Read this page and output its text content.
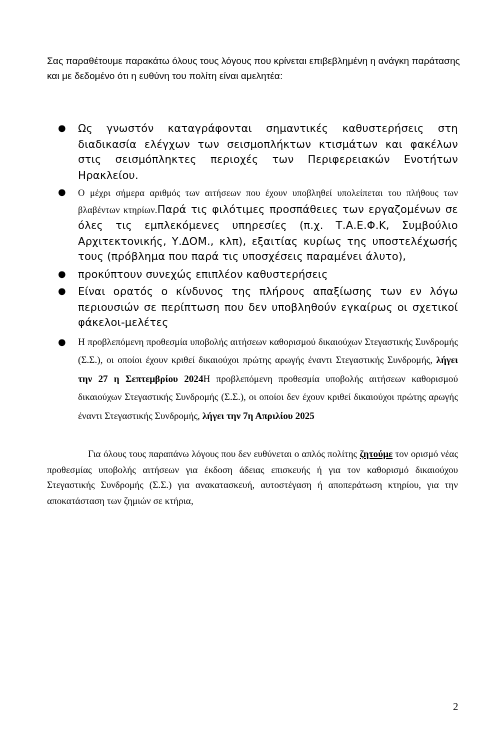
Σας παραθέτουμε παρακάτω όλους τους λόγους που κρίνεται επιβεβλημένη η ανάγκη παράτασης και με δεδομένο ότι η ευθύνη του πολίτη είναι αμελητέα:
● Ως γνωστόν καταγράφονται σημαντικές καθυστερήσεις στη διαδικασία ελέγχων των σεισμοπλήκτων κτισμάτων και φακέλων στις σεισμόπληκτες περιοχές των Περιφερειακών Ενοτήτων Ηρακλείου.
● Ο μέχρι σήμερα αριθμός των αιτήσεων που έχουν υποβληθεί υπολείπεται του πλήθους των βλαβέντων κτηρίων.Παρά τις φιλότιμες προσπάθειες των εργαζομένων σε όλες τις εμπλεκόμενες υπηρεσίες (π.χ. Τ.Α.Ε.Φ.Κ, Συμβούλιο Αρχιτεκτονικής, Υ.ΔΟΜ., κλπ), εξαιτίας κυρίως της υποστελέχωσής τους (πρόβλημα που παρά τις υποσχέσεις παραμένει άλυτο),
● προκύπτουν συνεχώς επιπλέον καθυστερήσεις
● Είναι ορατός ο κίνδυνος της πλήρους απαξίωσης των εν λόγω περιουσιών σε περίπτωση που δεν υποβληθούν εγκαίρως οι σχετικοί φάκελοι-μελέτες
● Η προβλεπόμενη προθεσμία υποβολής αιτήσεων καθορισμού δικαιούχων Στεγαστικής Συνδρομής (Σ.Σ.), οι οποίοι έχουν κριθεί δικαιούχοι πρώτης αρωγής έναντι Στεγαστικής Συνδρομής, λήγει την 27 η Σεπτεμβρίου 2024Η προβλεπόμενη προθεσμία υποβολής αιτήσεων καθορισμού δικαιούχων Στεγαστικής Συνδρομής (Σ.Σ.), οι οποίοι δεν έχουν κριθεί δικαιούχοι πρώτης αρωγής έναντι Στεγαστικής Συνδρομής, λήγει την 7η Απριλίου 2025
Για όλους τους παραπάνω λόγους που δεν ευθύνεται ο απλός πολίτης ζητούμε τον ορισμό νέας προθεσμίας υποβολής αιτήσεων για έκδοση άδειας επισκευής ή για τον καθορισμό δικαιούχου Στεγαστικής Συνδρομής (Σ.Σ.) για ανακατασκευή, αυτοστέγαση ή αποπεράτωση κτηρίου, για την αποκατάσταση των ζημιών σε κτήρια,
2
